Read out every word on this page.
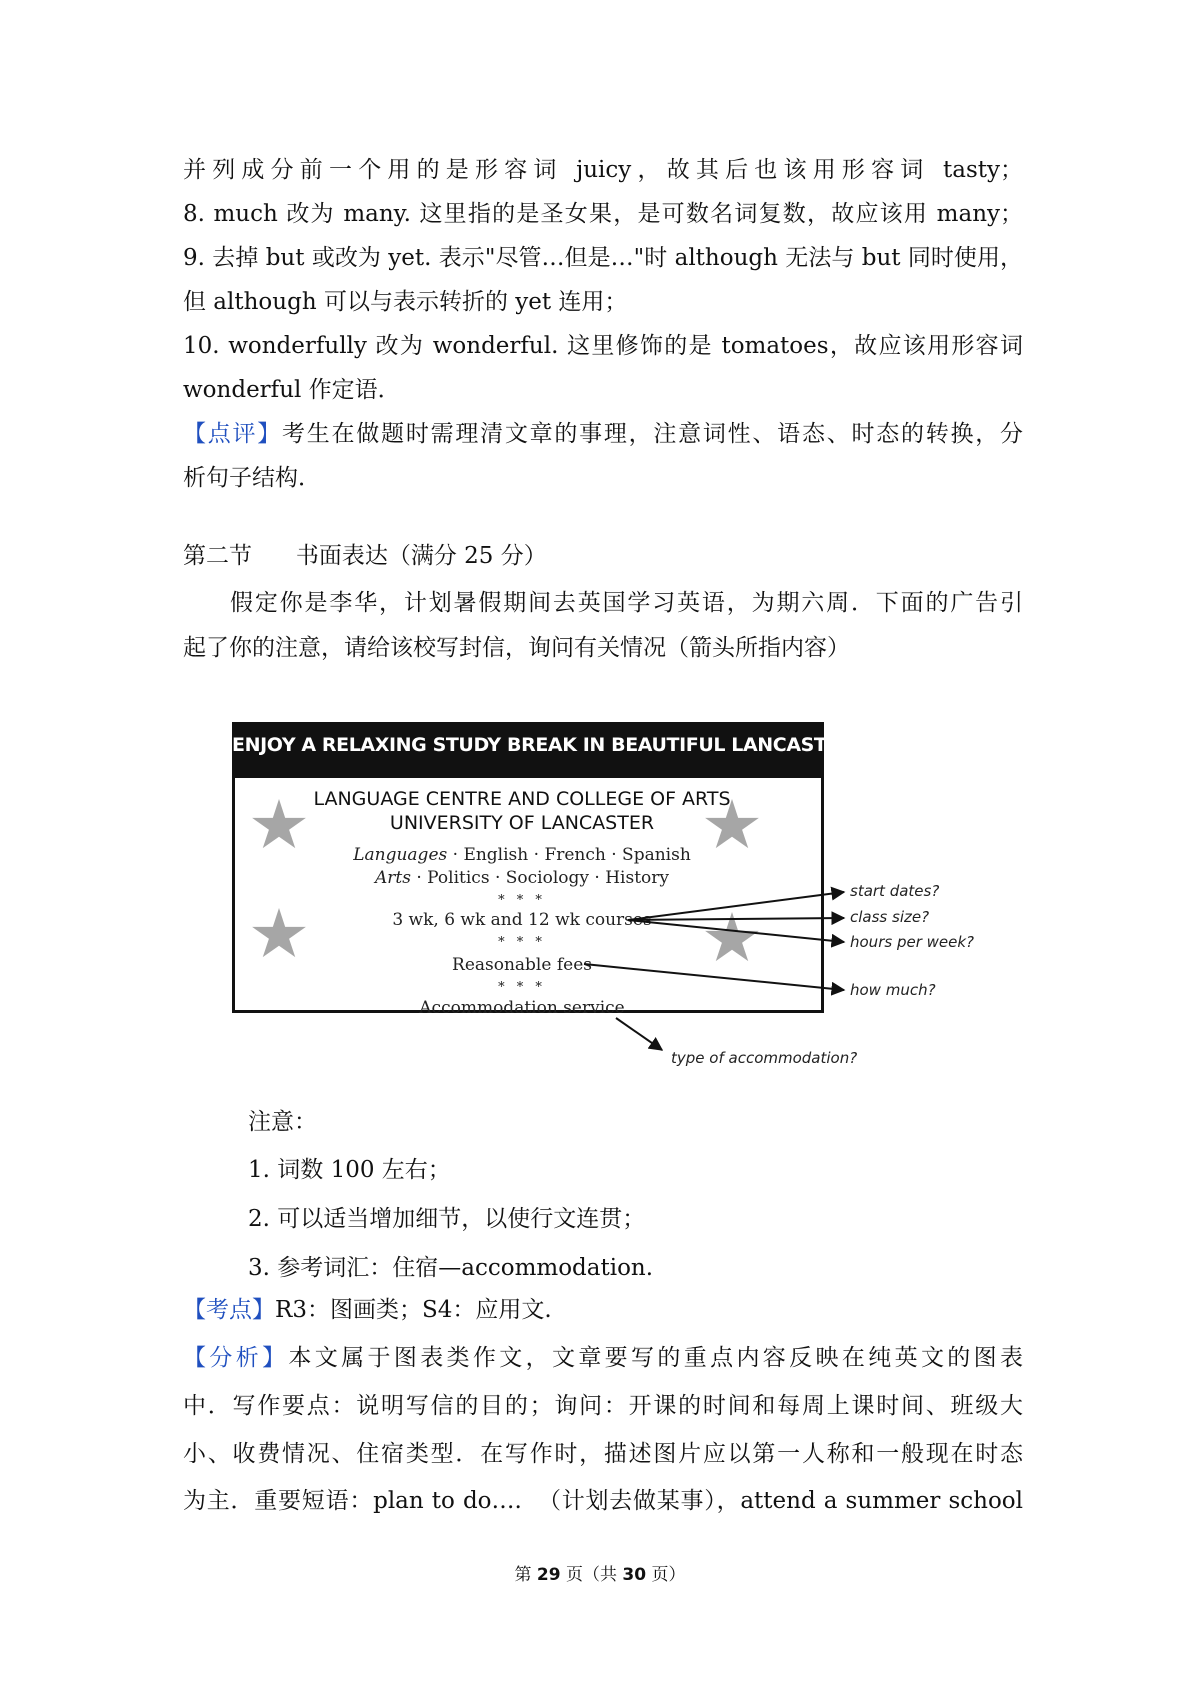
并列成分前一个用的是形容词 juicy，故其后也该用形容词 tasty；
8. much 改为 many. 这里指的是圣女果，是可数名词复数，故应该用 many；
9. 去掉 but 或改为 yet. 表示"尽管…但是…"时 although 无法与 but 同时使用，
但 although 可以与表示转折的 yet 连用；
10. wonderfully 改为 wonderful. 这里修饰的是 tomatoes，故应该用形容词
wonderful 作定语．
【点评】考生在做题时需理清文章的事理，注意词性、语态、时态的转换，分
析句子结构．
第二节      书面表达（满分 25 分）
假定你是李华，计划暑假期间去英国学习英语，为期六周．下面的广告引
起了你的注意，请给该校写封信，询问有关情况（箭头所指内容）
ENJOY A RELAXING STUDY BREAK IN BEAUTIFUL LANCASTER
LANGUAGE CENTRE AND COLLEGE OF ARTS
UNIVERSITY OF LANCASTER
Languages · English · French · Spanish
Arts · Politics · Sociology · History
* * *
3 wk, 6 wk and 12 wk courses
* * *
Reasonable fees
* * *
Accommodation service
start dates?
class size?
hours per week?
how much?
type of accommodation?
注意：
1. 词数 100 左右；
2. 可以适当增加细节，以使行文连贯；
3. 参考词汇：住宿—accommodation.
【考点】R3：图画类；S4：应用文.
【分析】本文属于图表类作文，文章要写的重点内容反映在纯英文的图表
中．写作要点：说明写信的目的；询问：开课的时间和每周上课时间、班级大
小、收费情况、住宿类型．在写作时，描述图片应以第一人称和一般现在时态
为主．重要短语：plan to do….  （计划去做某事），attend a summer school
第 29 页（共 30 页）
